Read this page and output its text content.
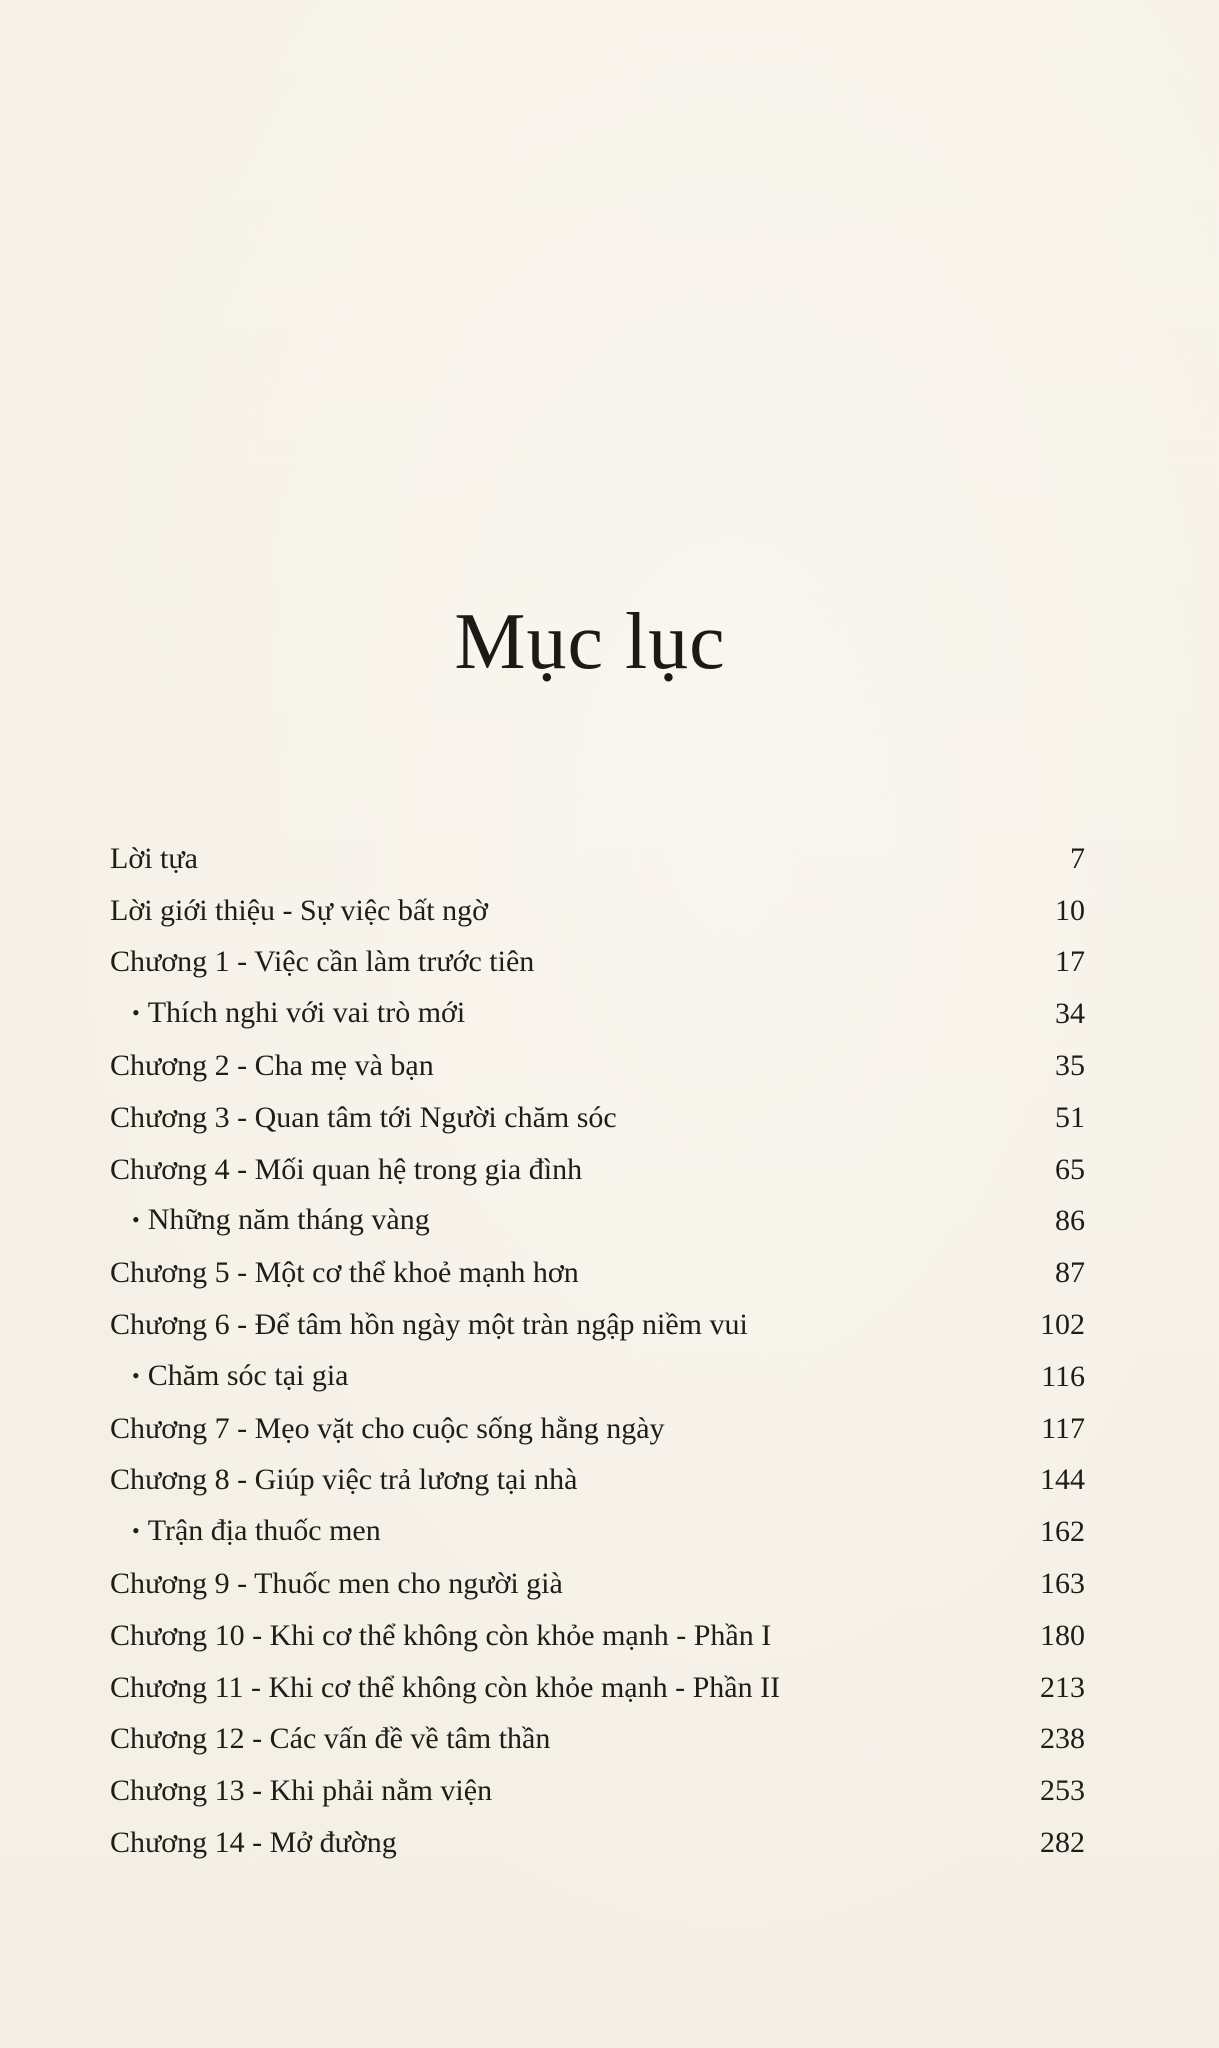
Mục lục
Lời tựa	7
Lời giới thiệu - Sự việc bất ngờ	10
Chương 1 - Việc cần làm trước tiên	17
• Thích nghi với vai trò mới	34
Chương 2 - Cha mẹ và bạn	35
Chương 3 - Quan tâm tới Người chăm sóc	51
Chương 4 - Mối quan hệ trong gia đình	65
• Những năm tháng vàng	86
Chương 5 - Một cơ thể khoẻ mạnh hơn	87
Chương 6 - Để tâm hồn ngày một tràn ngập niềm vui	102
• Chăm sóc tại gia	116
Chương 7 - Mẹo vặt cho cuộc sống hằng ngày	117
Chương 8 - Giúp việc trả lương tại nhà	144
• Trận địa thuốc men	162
Chương 9 - Thuốc men cho người già	163
Chương 10 - Khi cơ thể không còn khỏe mạnh - Phần I	180
Chương 11 - Khi cơ thể không còn khỏe mạnh - Phần II	213
Chương 12 - Các vấn đề về tâm thần	238
Chương 13 - Khi phải nằm viện	253
Chương 14 - Mở đường	282
